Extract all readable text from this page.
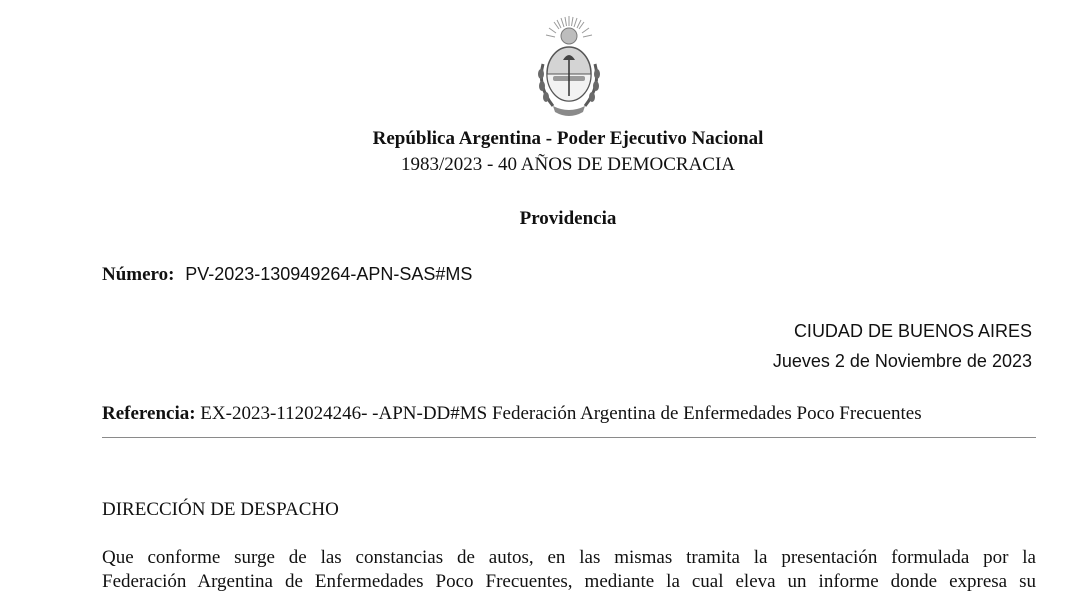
República Argentina - Poder Ejecutivo Nacional
1983/2023 - 40 AÑOS DE DEMOCRACIA
Providencia
Número: PV-2023-130949264-APN-SAS#MS
CIUDAD DE BUENOS AIRES
Jueves 2 de Noviembre de 2023
Referencia: EX-2023-112024246- -APN-DD#MS Federación Argentina de Enfermedades Poco Frecuentes
DIRECCIÓN DE DESPACHO
Que conforme surge de las constancias de autos, en las mismas tramita la presentación formulada por la
Federación Argentina de Enfermedades Poco Frecuentes, mediante la cual eleva un informe donde expresa su
